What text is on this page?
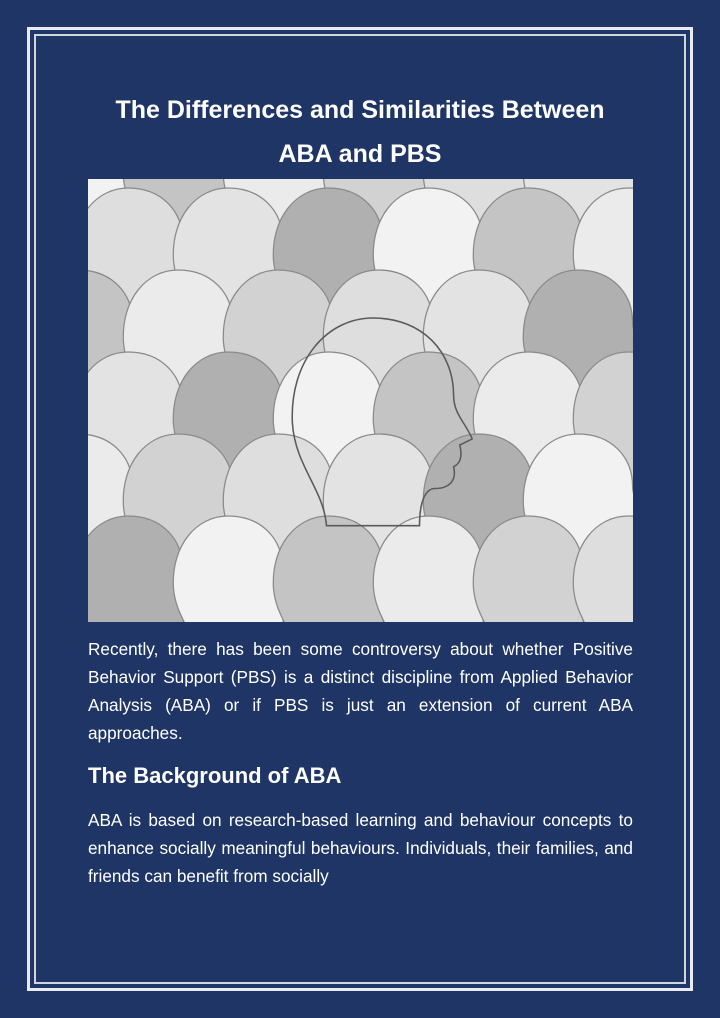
The Differences and Similarities Between
ABA and PBS

Recently, there has been some controversy about whether Positive Behavior Support (PBS) is a distinct discipline from Applied Behavior Analysis (ABA) or if PBS is just an extension of current ABA approaches.

The Background of ABA

ABA is based on research-based learning and behaviour concepts to enhance socially meaningful behaviours. Individuals, their families, and friends can benefit from socially
